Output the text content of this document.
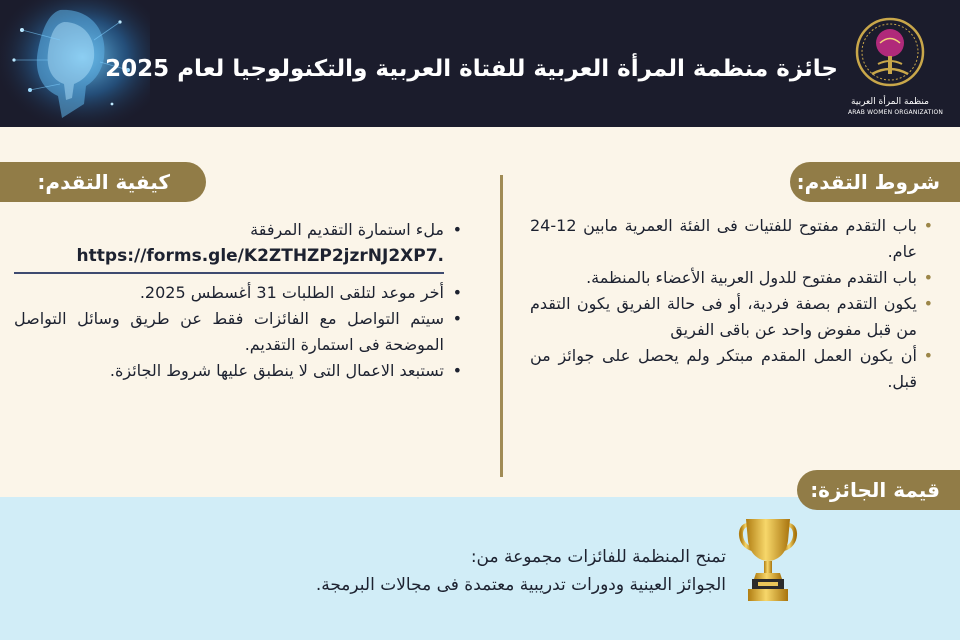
جائزة منظمة المرأة العربية للفتاة العربية والتكنولوجيا لعام 2025
منظمة المرأة العربية
ARAB WOMEN ORGANIZATION
شروط التقدم:
كيفية التقدم:
• باب التقدم مفتوح للفتيات فى الفئة العمرية مابين 12-24 عام.
• باب التقدم مفتوح للدول العربية الأعضاء بالمنظمة.
• يكون التقدم بصفة فردية، أو فى حالة الفريق يكون التقدم من قبل مفوض واحد عن باقى الفريق
• أن يكون العمل المقدم مبتكر ولم يحصل على جوائز من قبل.
• ملء استمارة التقديم المرفقة
https://forms.gle/K2ZTHZP2jzrNJ2XP7.
• أخر موعد لتلقى الطلبات 31 أغسطس 2025.
• سيتم التواصل مع الفائزات فقط عن طريق وسائل التواصل الموضحة فى استمارة التقديم.
• تستبعد الاعمال التى لا ينطبق عليها شروط الجائزة.
قيمة الجائزة:
تمنح المنظمة للفائزات مجموعة من:
الجوائز العينية ودورات تدريبية معتمدة فى مجالات البرمجة.
